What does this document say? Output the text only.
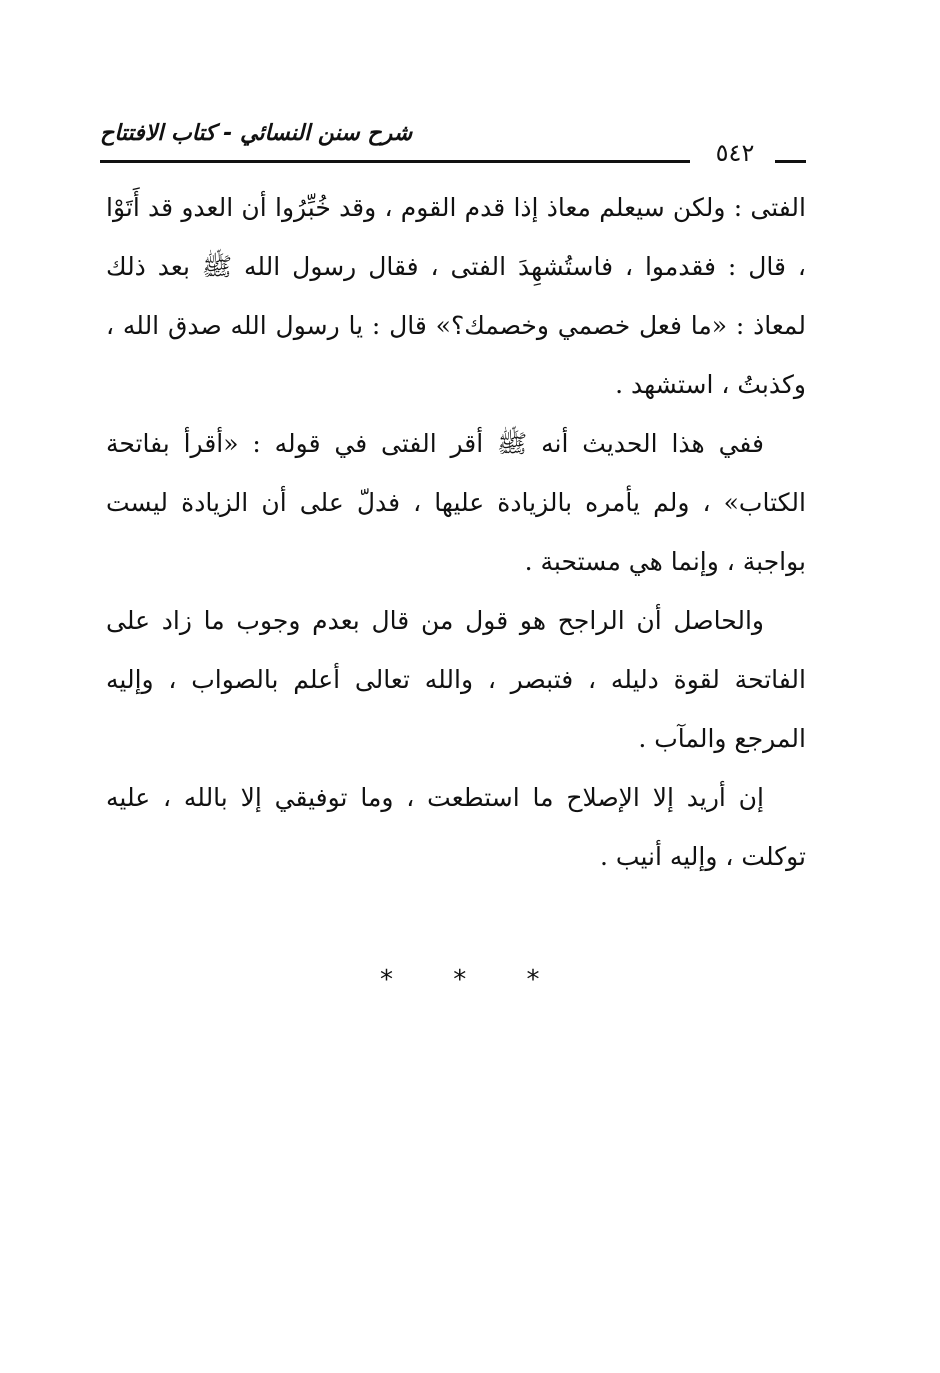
شرح سنن النسائي - كتاب الافتتاح
٥٤٢

الفتى : ولكن سيعلم معاذ إذا قدم القوم ، وقد خُبِّرُوا أن العدو قد أَتَوْا ، قال : فقدموا ، فاستُشهِدَ الفتى ، فقال رسول الله ﷺ بعد ذلك لمعاذ : «ما فعل خصمي وخصمك؟» قال : يا رسول الله صدق الله ، وكذبتُ ، استشهد .

ففي هذا الحديث أنه ﷺ أقر الفتى في قوله : «أقرأ بفاتحة الكتاب» ، ولم يأمره بالزيادة عليها ، فدلّ على أن الزيادة ليست بواجبة ، وإنما هي مستحبة .

والحاصل أن الراجح هو قول من قال بعدم وجوب ما زاد على الفاتحة لقوة دليله ، فتبصر ، والله تعالى أعلم بالصواب ، وإليه المرجع والمآب .

إن أريد إلا الإصلاح ما استطعت ، وما توفيقي إلا بالله ، عليه توكلت ، وإليه أنيب .

* * *
